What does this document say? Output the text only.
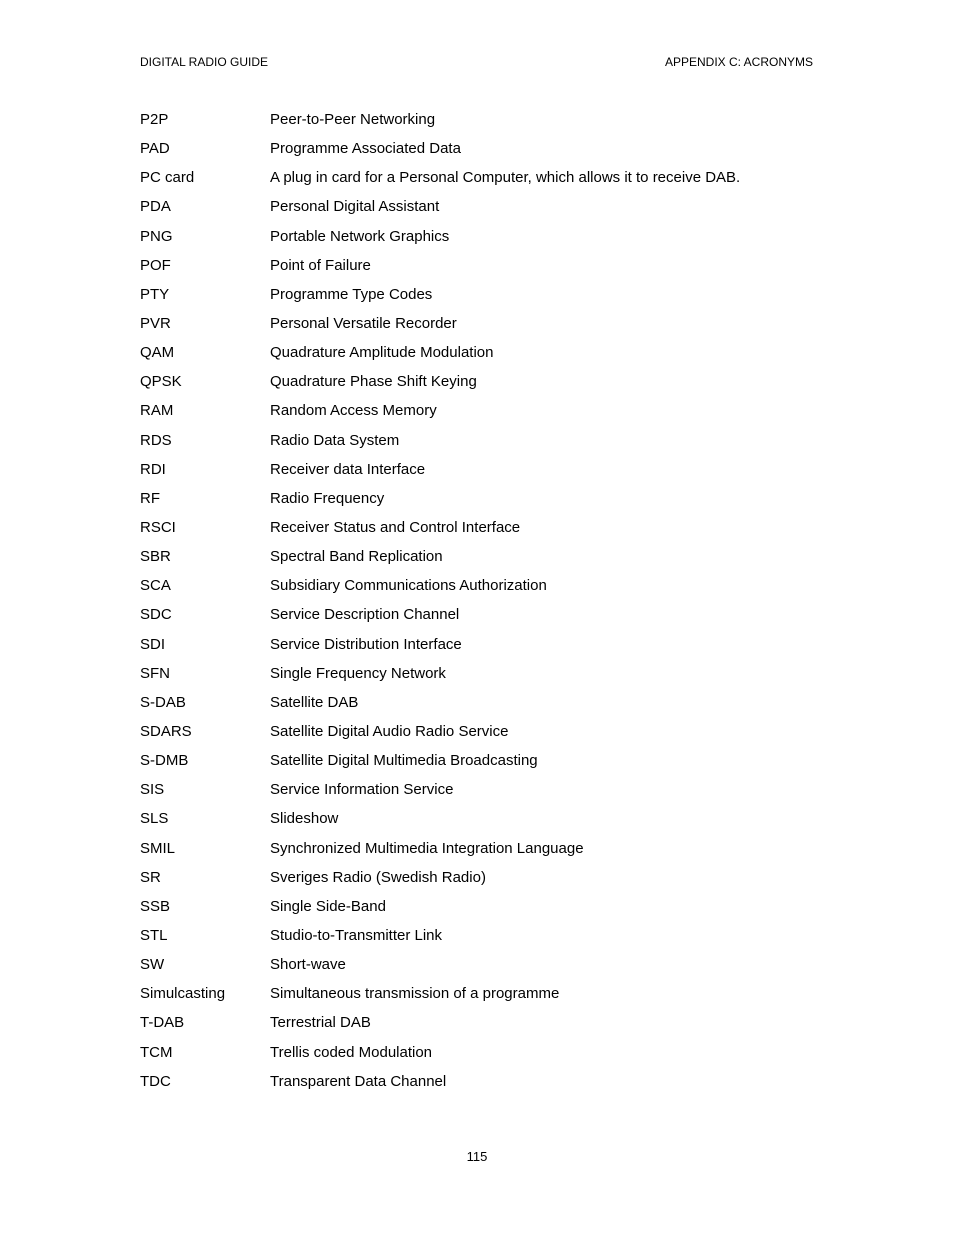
DIGITAL RADIO GUIDE	APPENDIX C: ACRONYMS
P2P	Peer-to-Peer Networking
PAD	Programme Associated Data
PC card	A plug in card for a Personal Computer, which allows it to receive DAB.
PDA	Personal Digital Assistant
PNG	Portable Network Graphics
POF	Point of Failure
PTY	Programme Type Codes
PVR	Personal Versatile Recorder
QAM	Quadrature Amplitude Modulation
QPSK	Quadrature Phase Shift Keying
RAM	Random Access Memory
RDS	Radio Data System
RDI	Receiver data Interface
RF	Radio Frequency
RSCI	Receiver Status and Control Interface
SBR	Spectral Band Replication
SCA	Subsidiary Communications Authorization
SDC	Service Description Channel
SDI	Service Distribution Interface
SFN	Single Frequency Network
S-DAB	Satellite DAB
SDARS	Satellite Digital Audio Radio Service
S-DMB	Satellite Digital Multimedia Broadcasting
SIS	Service Information Service
SLS	Slideshow
SMIL	Synchronized Multimedia Integration Language
SR	Sveriges Radio (Swedish Radio)
SSB	Single Side-Band
STL	Studio-to-Transmitter Link
SW	Short-wave
Simulcasting	Simultaneous transmission of a programme
T-DAB	Terrestrial DAB
TCM	Trellis coded Modulation
TDC	Transparent Data Channel
115
